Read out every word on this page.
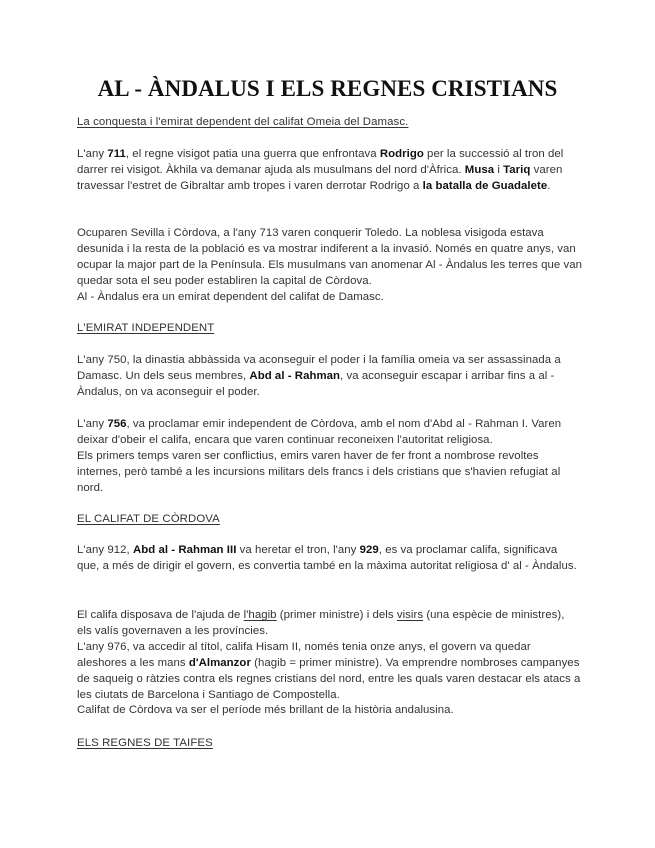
AL - ÀNDALUS I ELS REGNES CRISTIANS

La conquesta i l'emirat dependent del califat Omeia del Damasc.

L'any 711, el regne visigot patia una guerra que enfrontava Rodrigo per la successió al tron del darrer rei visigot. Àkhila va demanar ajuda als musulmans del nord d'Àfrica. Musa i Tariq varen travessar l'estret de Gibraltar amb tropes i varen derrotar Rodrigo a la batalla de Guadalete.

Ocuparen Sevilla i Còrdova, a l'any 713 varen conquerir Toledo. La noblesa visigoda estava desunida i la resta de la població es va mostrar indiferent a la invasió. Només en quatre anys, van ocupar la major part de la Península. Els musulmans van anomenar Al - Àndalus les terres que van quedar sota el seu poder establiren la capital de Còrdova.
Al - Àndalus era un emirat dependent del califat de Damasc.

L'EMIRAT INDEPENDENT

L'any 750, la dinastia abbàssida va aconseguir el poder i la família omeia va ser assassinada a Damasc. Un dels seus membres, Abd al - Rahman, va aconseguir escapar i arribar fins a al - Àndalus, on va aconseguir el poder.

L'any 756, va proclamar emir independent de Còrdova, amb el nom d'Abd al - Rahman I. Varen deixar d'obeir el califa, encara que varen continuar reconeixen l'autoritat religiosa.
Els primers temps varen ser conflictius, emirs varen haver de fer front a nombrose revoltes internes, però també a les incursions militars dels francs i dels cristians que s'havien refugiat al nord.

EL CALIFAT DE CÒRDOVA

L'any 912, Abd al - Rahman III va heretar el tron, l'any 929, es va proclamar califa, significava que, a més de dirigir el govern, es convertia també en la màxima autoritat religiosa d' al - Àndalus.

El califa disposava de l'ajuda de l'hagib (primer ministre) i dels visirs (una espècie de ministres), els valís governaven a les províncies.
L'any 976, va accedir al títol, califa Hisam II, només tenia onze anys, el govern va quedar aleshores a les mans d'Almanzor (hagib = primer ministre). Va emprendre nombroses campanyes de saqueig o ràtzies contra els regnes cristians del nord, entre les quals varen destacar els atacs a les ciutats de Barcelona i Santiago de Compostella.
Califat de Còrdova va ser el període més brillant de la història andalusina.

ELS REGNES DE TAIFES
